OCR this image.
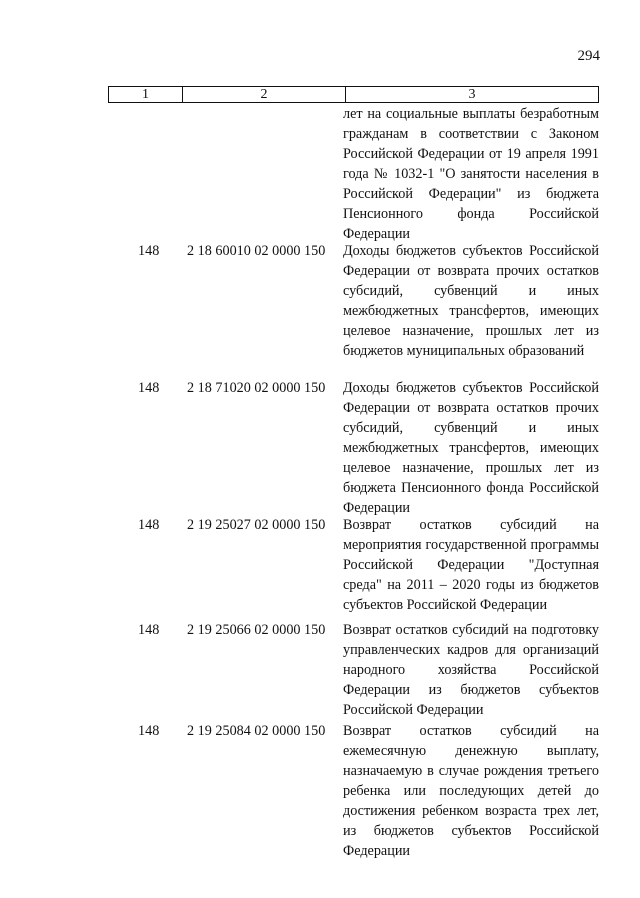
294
1	2	3
лет на социальные выплаты безработным гражданам в соответствии с Законом Российской Федерации от 19 апреля 1991 года № 1032-1 "О занятости населения в Российской Федерации" из бюджета Пенсионного фонда Российской Федерации
148	2 18 60010 02 0000 150 Доходы бюджетов субъектов Российской Федерации от возврата прочих остатков субсидий, субвенций и иных межбюджетных трансфертов, имеющих целевое назначение, прошлых лет из бюджетов муниципальных образований
148	2 18 71020 02 0000 150 Доходы бюджетов субъектов Российской Федерации от возврата остатков прочих субсидий, субвенций и иных межбюджетных трансфертов, имеющих целевое назначение, прошлых лет из бюджета Пенсионного фонда Российской Федерации
148	2 19 25027 02 0000 150 Возврат остатков субсидий на мероприятия государственной программы Российской Федерации "Доступная среда" на 2011 – 2020 годы из бюджетов субъектов Российской Федерации
148	2 19 25066 02 0000 150 Возврат остатков субсидий на подготовку управленческих кадров для организаций народного хозяйства Российской Федерации из бюджетов субъектов Российской Федерации
148	2 19 25084 02 0000 150 Возврат остатков субсидий на ежемесячную денежную выплату, назначаемую в случае рождения третьего ребенка или последующих детей до достижения ребенком возраста трех лет, из бюджетов субъектов Российской Федерации
